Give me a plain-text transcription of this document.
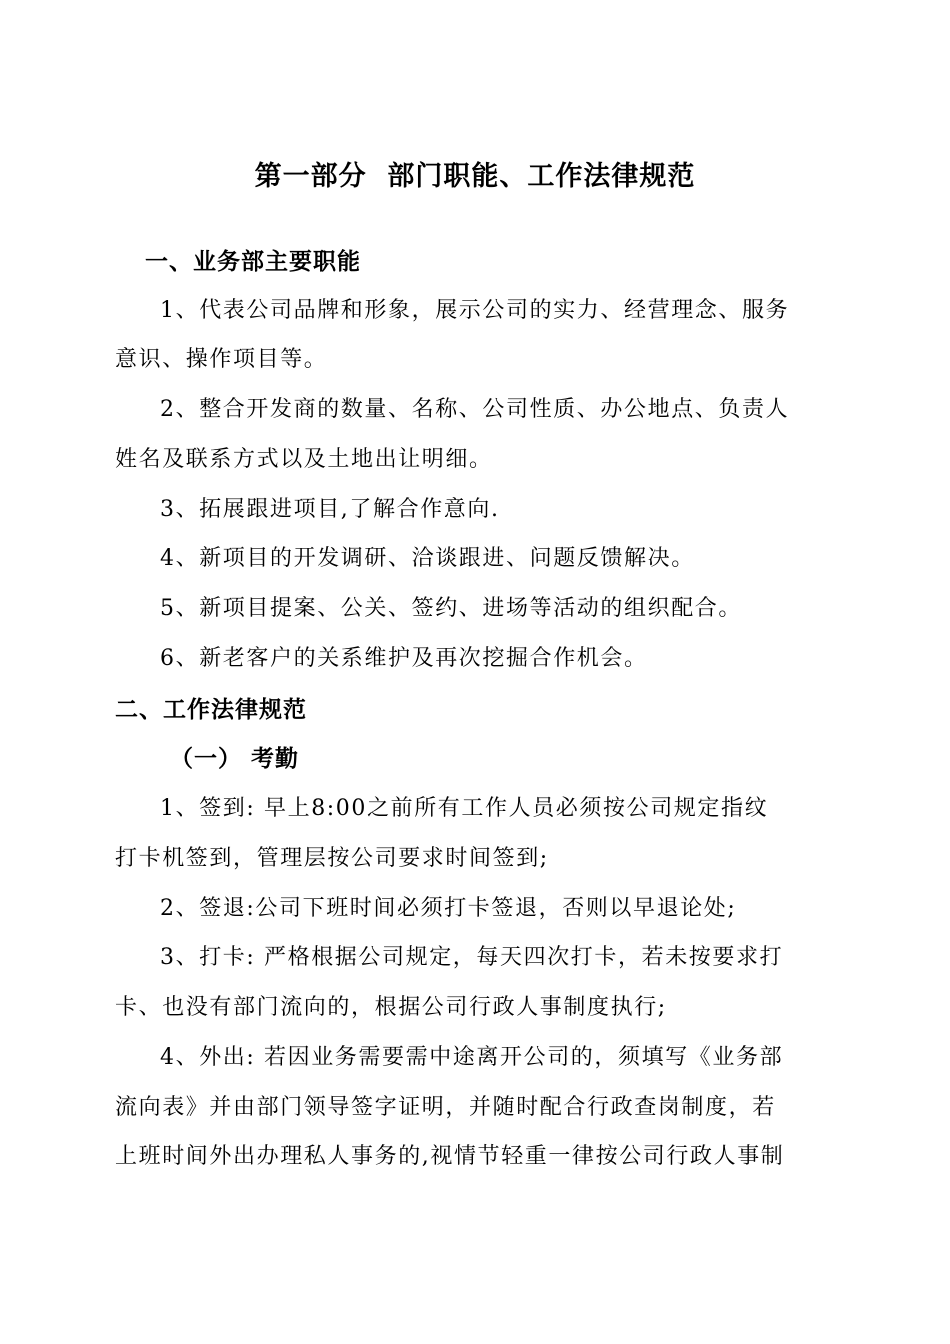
第一部分  部门职能、工作法律规范
一、业务部主要职能
1、代表公司品牌和形象，展示公司的实力、经营理念、服务
意识、操作项目等。
2、整合开发商的数量、名称、公司性质、办公地点、负责人
姓名及联系方式以及土地出让明细。
3、拓展跟进项目,了解合作意向.
4、新项目的开发调研、洽谈跟进、问题反馈解决。
5、新项目提案、公关、签约、进场等活动的组织配合。
6、新老客户的关系维护及再次挖掘合作机会。
二、工作法律规范
（一） 考勤
1、签到: 早上8:00之前所有工作人员必须按公司规定指纹
打卡机签到，管理层按公司要求时间签到;
2、签退:公司下班时间必须打卡签退，否则以早退论处;
3、打卡: 严格根据公司规定，每天四次打卡，若未按要求打
卡、也没有部门流向的，根据公司行政人事制度执行;
4、外出: 若因业务需要需中途离开公司的，须填写《业务部
流向表》并由部门领导签字证明，并随时配合行政查岗制度，若
上班时间外出办理私人事务的,视情节轻重一律按公司行政人事制
